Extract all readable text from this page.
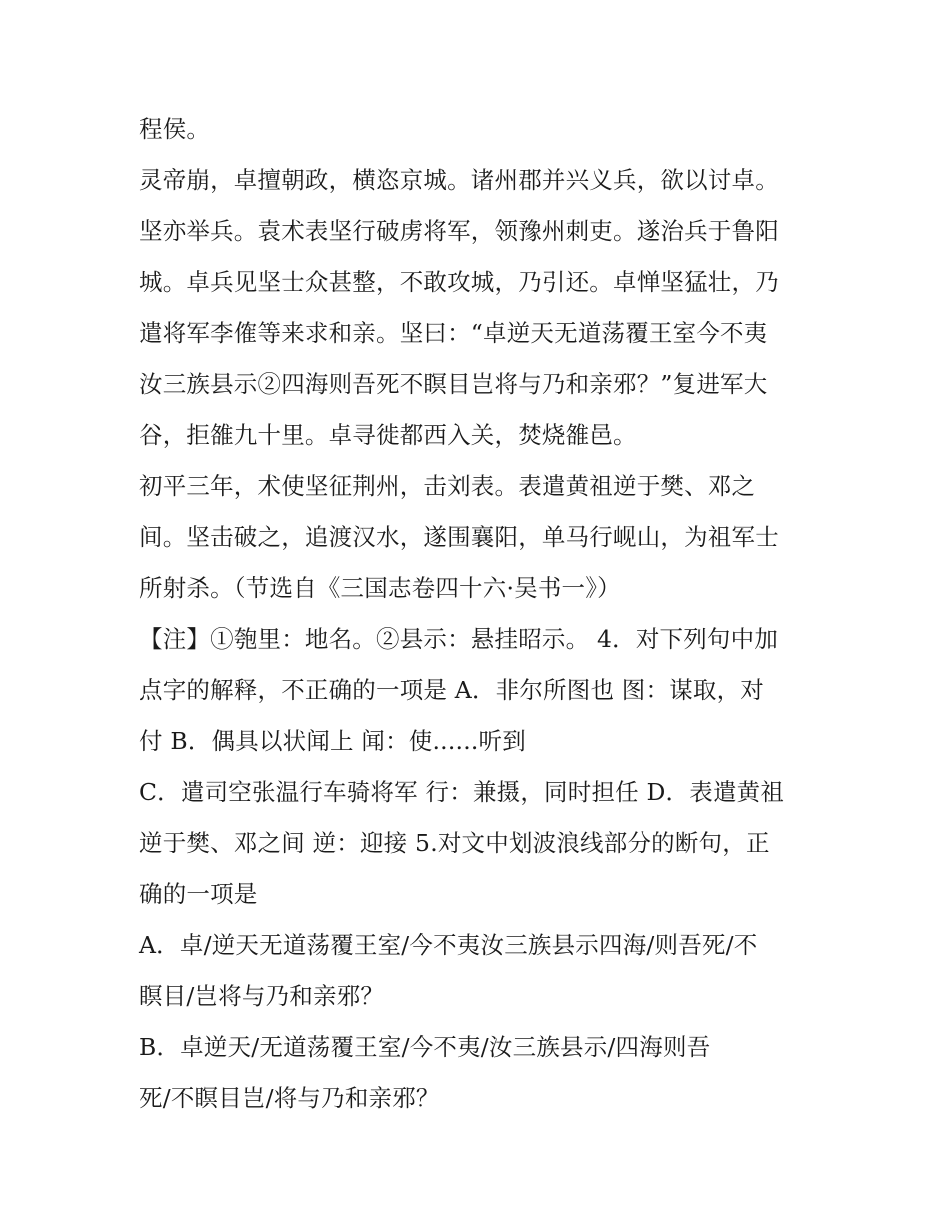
程侯。
灵帝崩，卓擅朝政，横恣京城。诸州郡并兴义兵，欲以讨卓。
坚亦举兵。袁术表坚行破虏将军，领豫州刺吏。遂治兵于鲁阳
城。卓兵见坚士众甚整，不敢攻城，乃引还。卓惮坚猛壮，乃
遣将军李傕等来求和亲。坚曰：“卓逆天无道荡覆王室今不夷
汝三族县示②四海则吾死不瞑目岂将与乃和亲邪？”复进军大
谷，拒雒九十里。卓寻徙都西入关，焚烧雒邑。
初平三年，术使坚征荆州，击刘表。表遣黄祖逆于樊、邓之
间。坚击破之，追渡汉水，遂围襄阳，单马行岘山，为祖军士
所射杀。（节选自《三国志卷四十六·吴书一》）
【注】①匏里：地名。②县示：悬挂昭示。 4．对下列句中加
点字的解释，不正确的一项是 A．非尔所图也 图：谋取，对
付 B．偶具以状闻上 闻：使......听到
C．遣司空张温行车骑将军 行：兼摄，同时担任 D．表遣黄祖
逆于樊、邓之间 逆：迎接 5.对文中划波浪线部分的断句，正
确的一项是
A．卓/逆天无道荡覆王室/今不夷汝三族县示四海/则吾死/不
瞑目/岂将与乃和亲邪？
B．卓逆天/无道荡覆王室/今不夷/汝三族县示/四海则吾
死/不瞑目岂/将与乃和亲邪？
